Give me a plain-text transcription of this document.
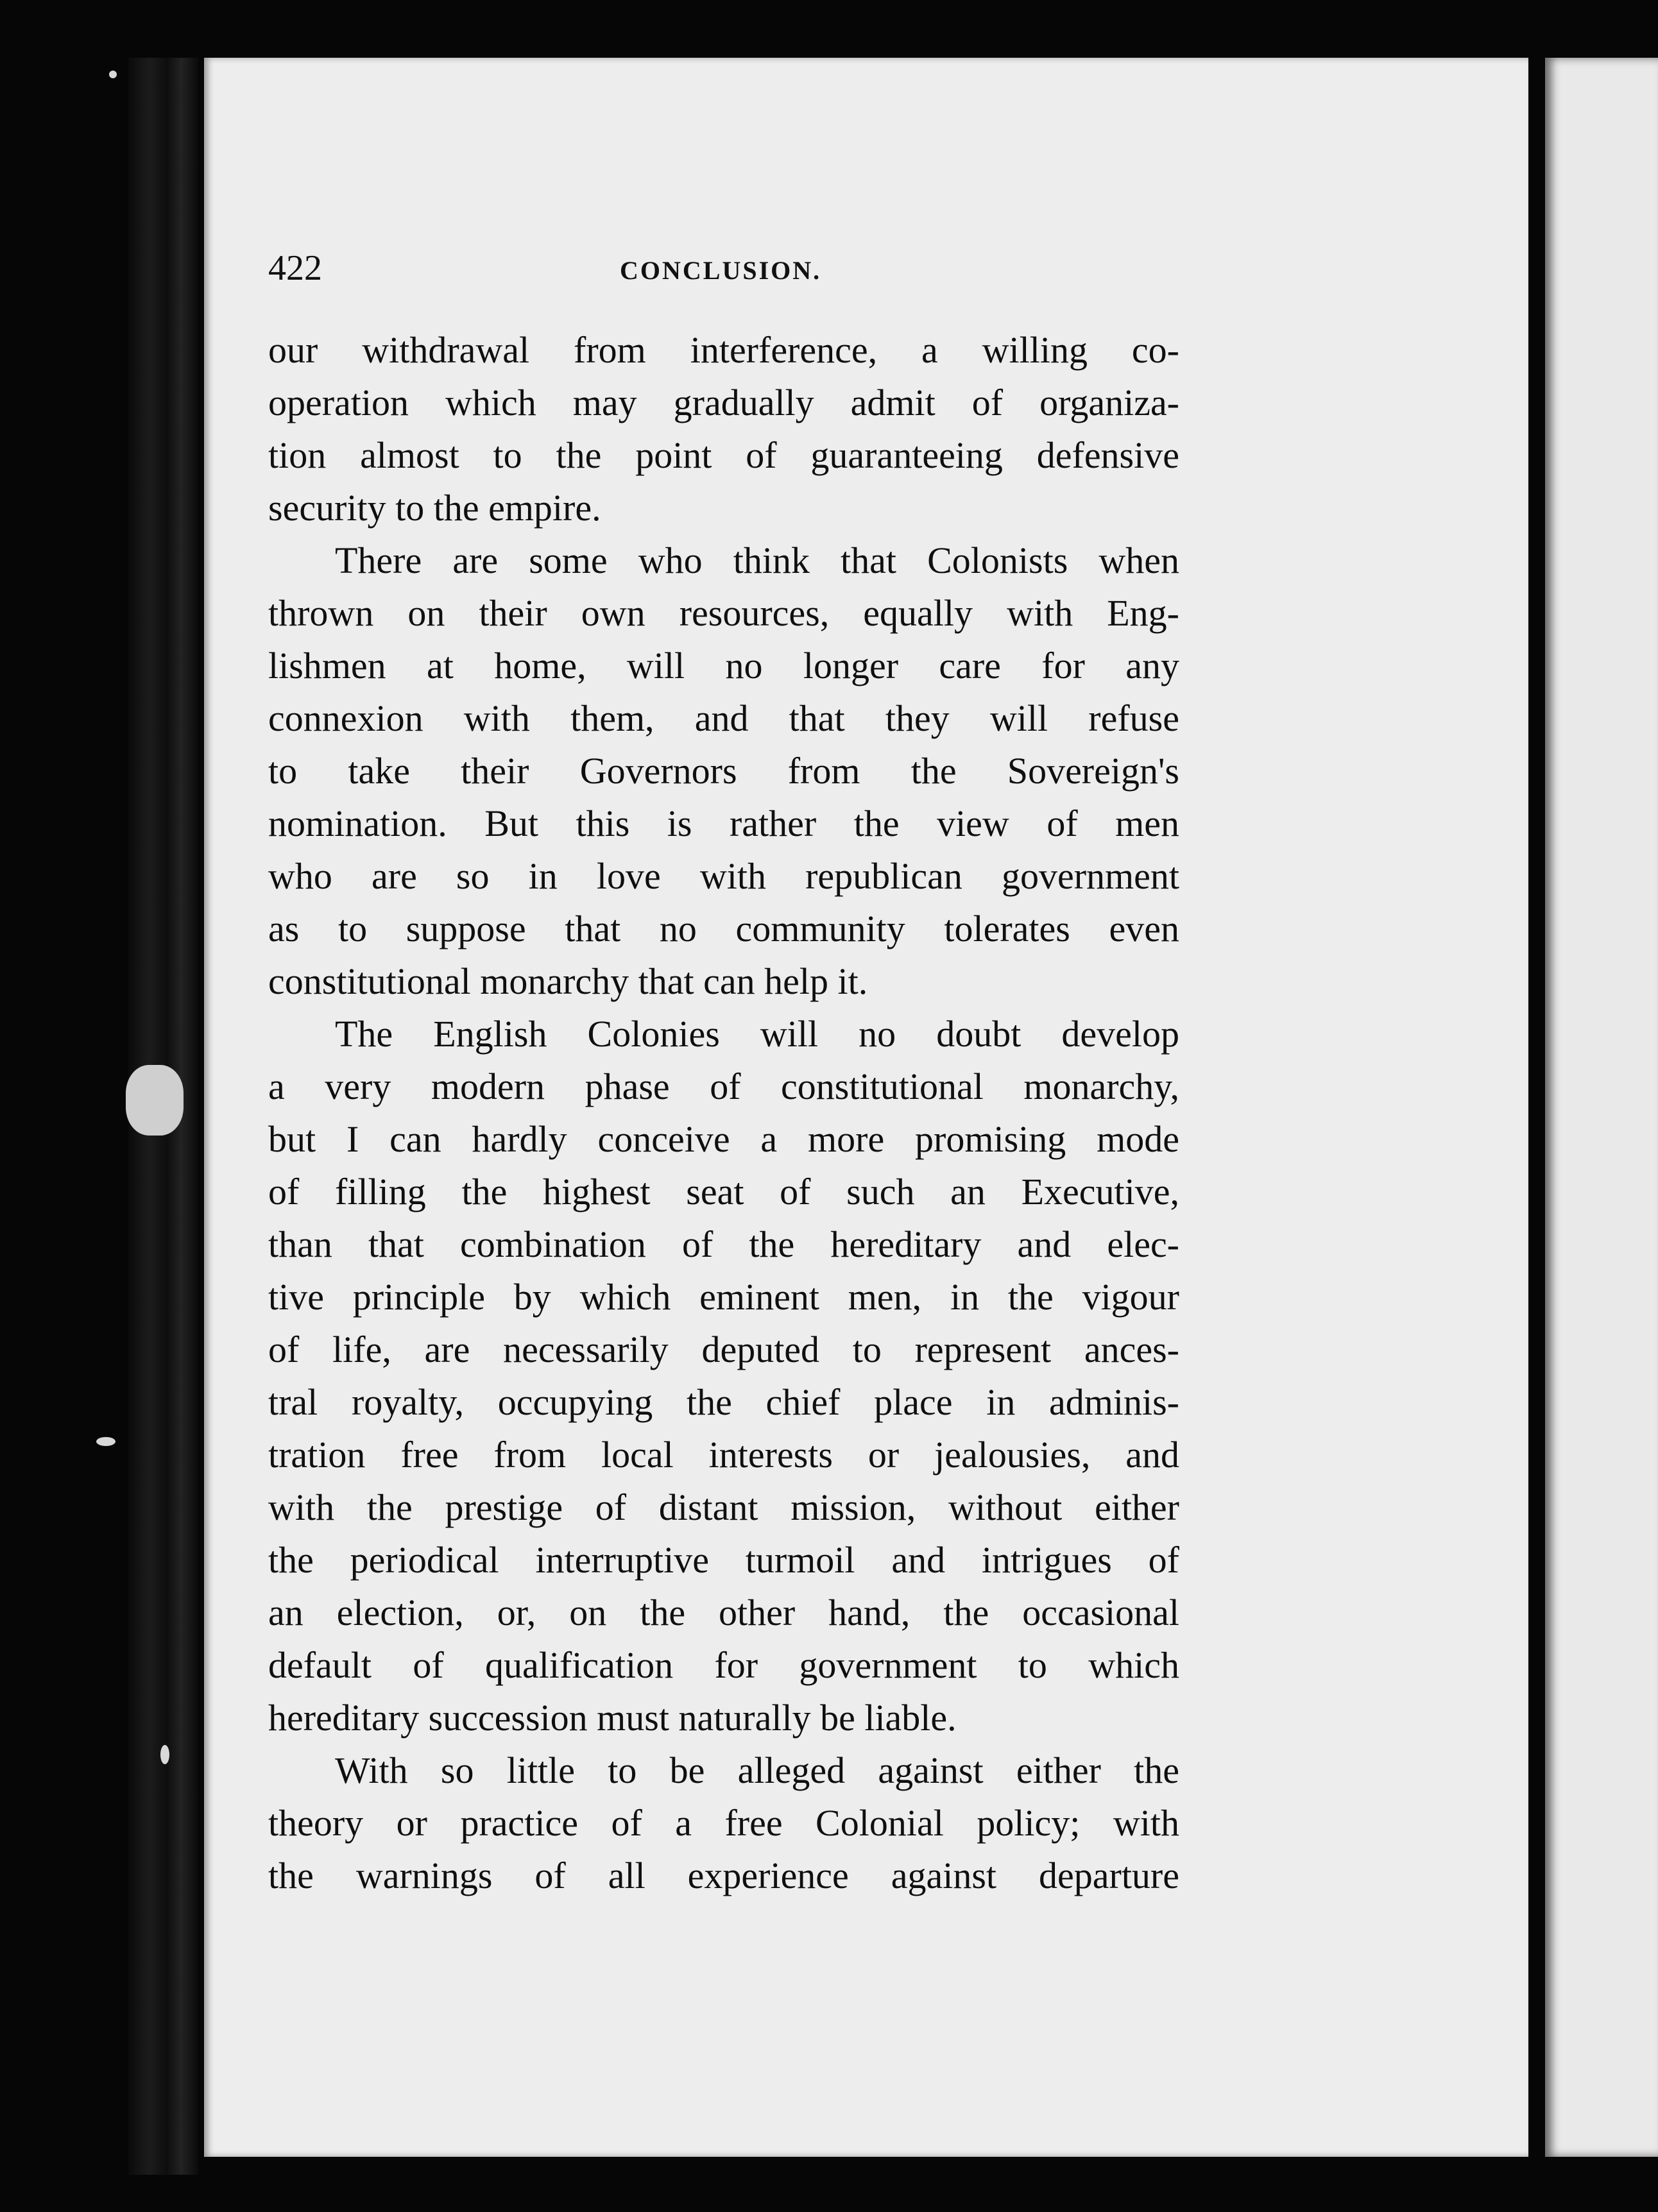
422	CONCLUSION.
our withdrawal from interference, a willing co-
operation which may gradually admit of organiza-
tion almost to the point of guaranteeing defensive
security to the empire.
There are some who think that Colonists when
thrown on their own resources, equally with Eng-
lishmen at home, will no longer care for any
connexion with them, and that they will refuse
to take their Governors from the Sovereign's
nomination. But this is rather the view of men
who are so in love with republican government
as to suppose that no community tolerates even
constitutional monarchy that can help it.
The English Colonies will no doubt develop
a very modern phase of constitutional monarchy,
but I can hardly conceive a more promising mode
of filling the highest seat of such an Executive,
than that combination of the hereditary and elec-
tive principle by which eminent men, in the vigour
of life, are necessarily deputed to represent ances-
tral royalty, occupying the chief place in adminis-
tration free from local interests or jealousies, and
with the prestige of distant mission, without either
the periodical interruptive turmoil and intrigues of
an election, or, on the other hand, the occasional
default of qualification for government to which
hereditary succession must naturally be liable.
With so little to be alleged against either the
theory or practice of a free Colonial policy; with
the warnings of all experience against departure
